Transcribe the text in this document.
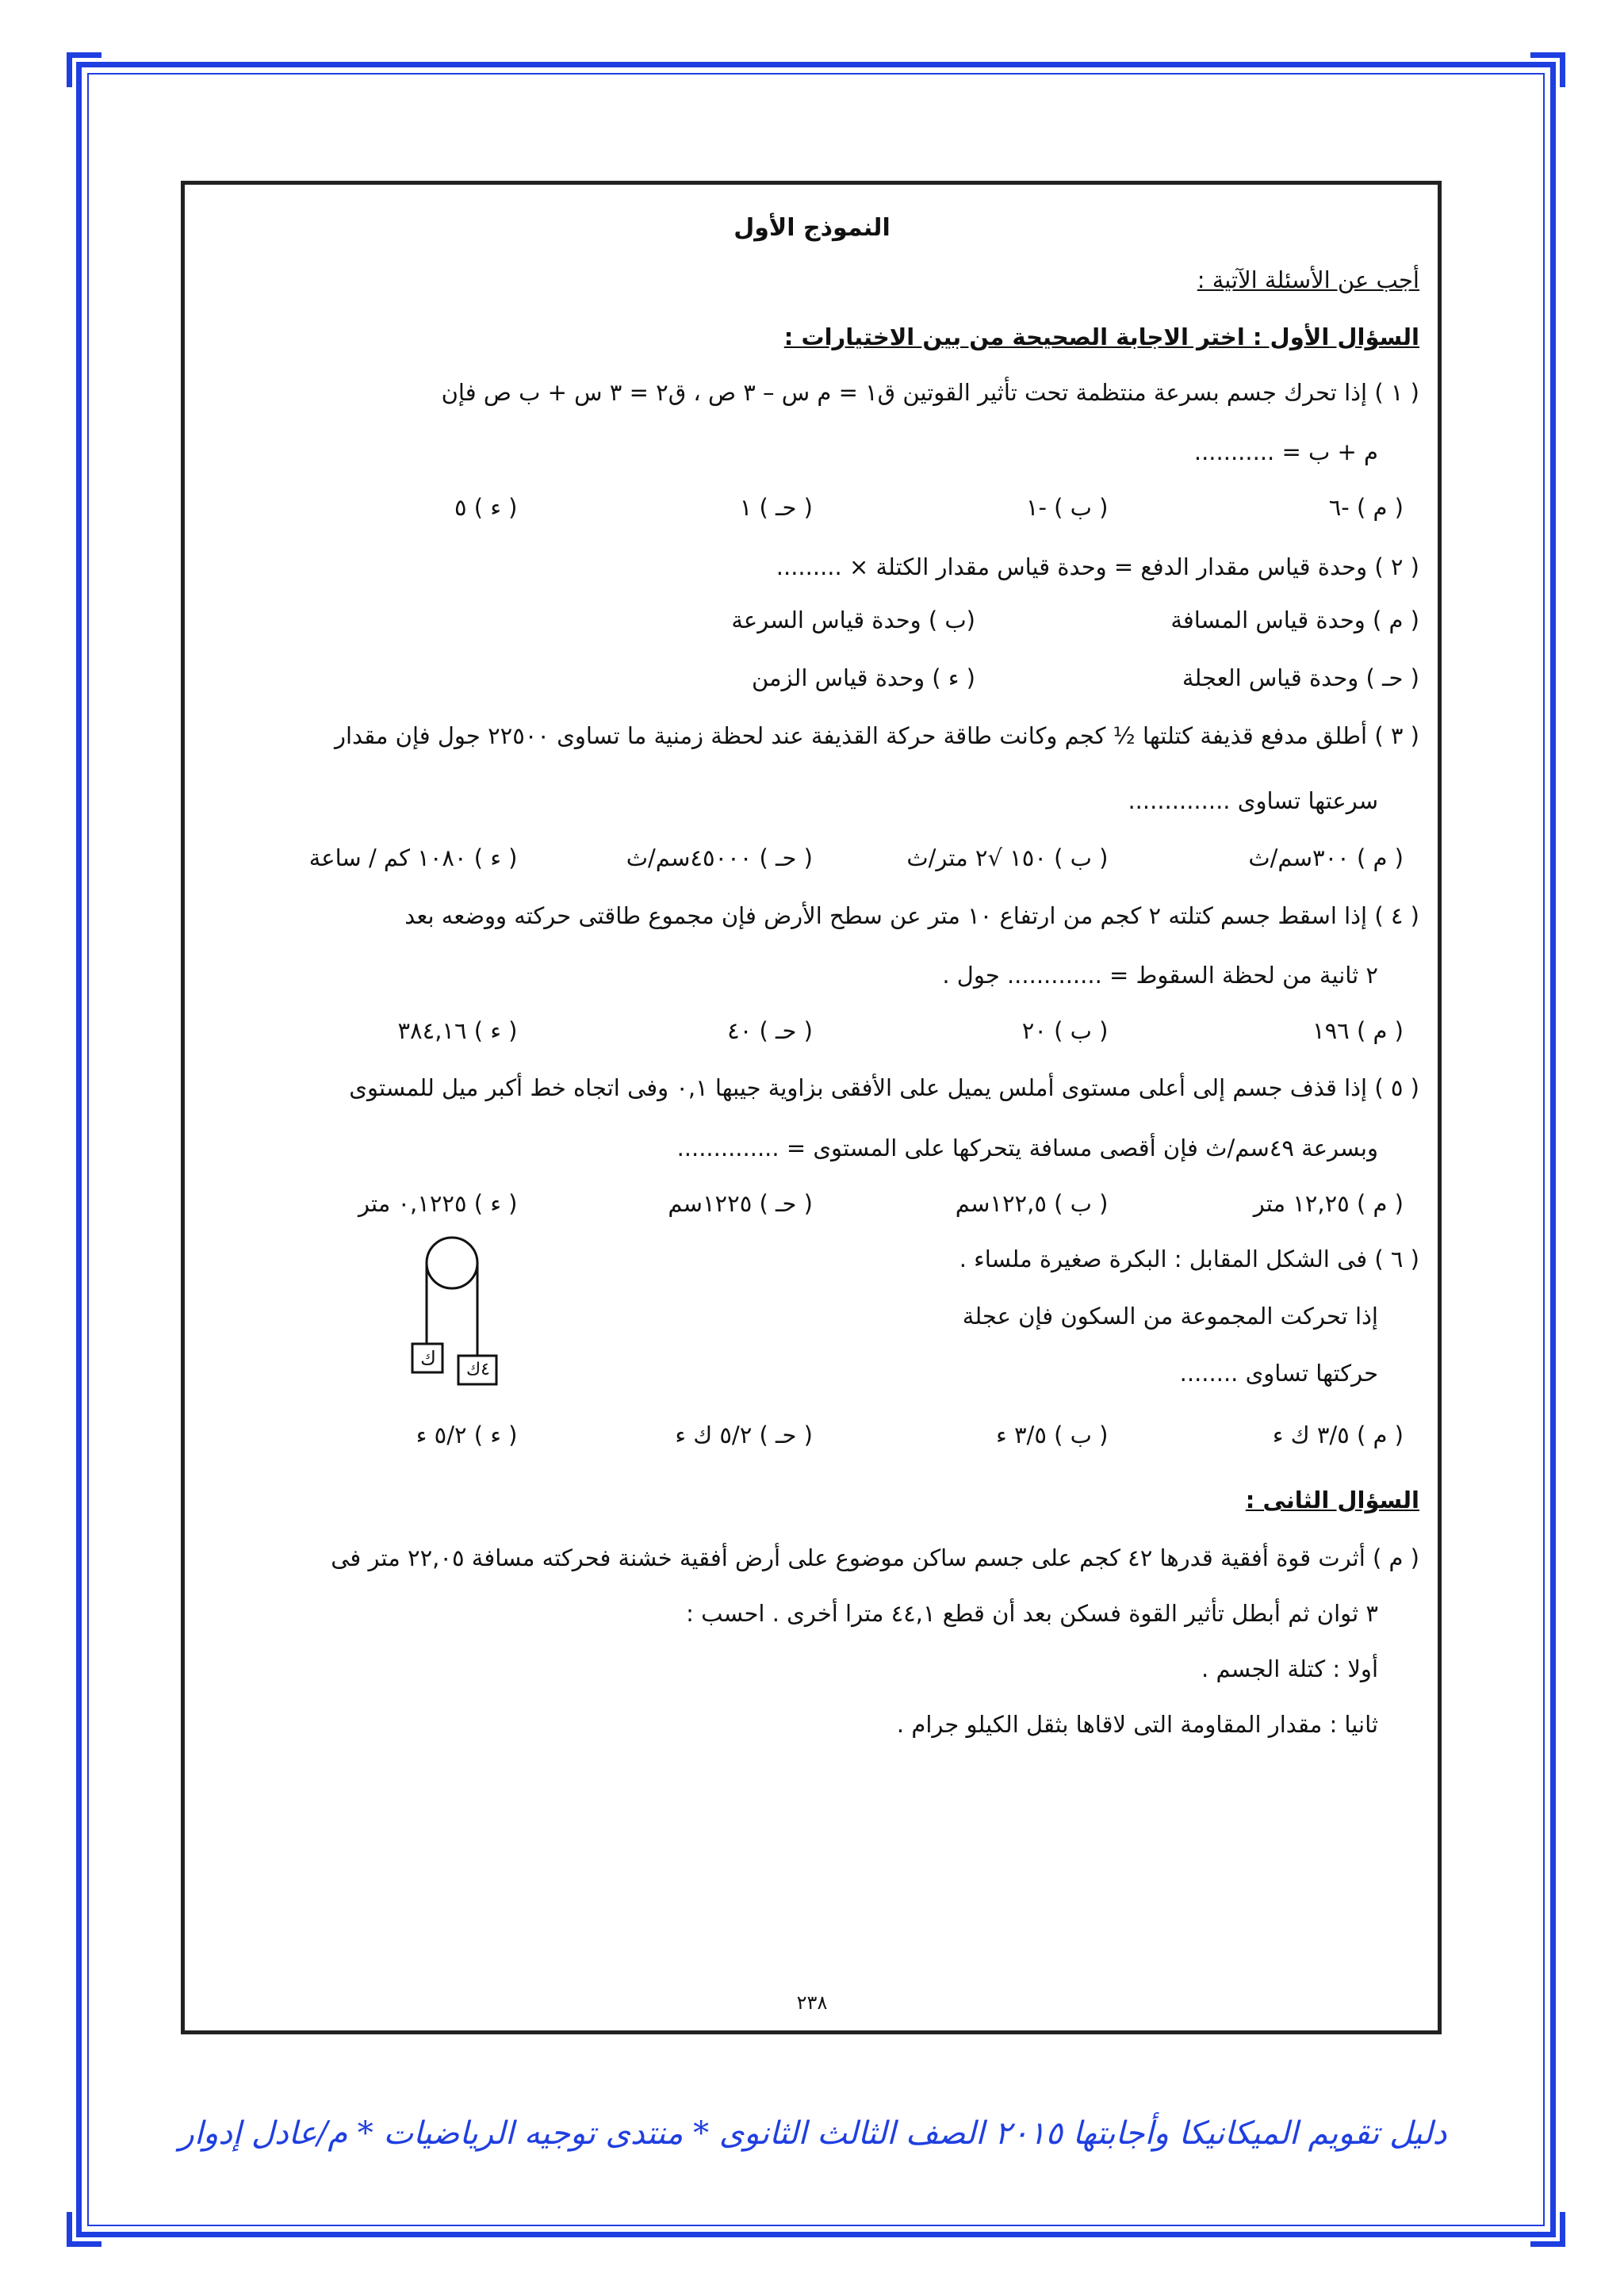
النموذج الأول
أجب عن الأسئلة الآتية :
السؤال الأول : اختر الاجابة الصحيحة من بين الاختيارات :
( ١ ) إذا تحرك جسم بسرعة منتظمة تحت تأثير القوتين ق١ = م س – ٣ ص ، ق٢ = ٣ س + ب ص فإن
م + ب = ...........
( م ) -٦
( ب ) -١
( حـ ) ١
( ء ) ٥
( ٢ ) وحدة قياس مقدار الدفع = وحدة قياس مقدار الكتلة × .........
( م ) وحدة قياس المسافة
(ب ) وحدة قياس السرعة
( حـ ) وحدة قياس العجلة
( ء ) وحدة قياس الزمن
( ٣ ) أطلق مدفع قذيفة كتلتها ½ كجم وكانت طاقة حركة القذيفة عند لحظة زمنية ما تساوى ٢٢٥٠٠ جول فإن مقدار
سرعتها تساوى ..............
( م ) ٣٠٠سم/ث
( ب ) ١٥٠ √٢ متر/ث
( حـ ) ٤٥٠٠٠سم/ث
( ء ) ١٠٨٠ كم / ساعة
( ٤ ) إذا اسقط جسم كتلته ٢ كجم من ارتفاع ١٠ متر عن سطح الأرض فإن مجموع طاقتى حركته ووضعه بعد
٢ ثانية من لحظة السقوط = ............. جول .
( م ) ١٩٦
( ب ) ٢٠
( حـ ) ٤٠
( ء ) ٣٨٤,١٦
( ٥ ) إذا قذف جسم إلى أعلى مستوى أملس يميل على الأفقى بزاوية جيبها ٠,١ وفى اتجاه خط أكبر ميل للمستوى
وبسرعة ٤٩سم/ث فإن أقصى مسافة يتحركها على المستوى = ..............
( م ) ١٢,٢٥ متر
( ب ) ١٢٢,٥سم
( حـ ) ١٢٢٥سم
( ء ) ٠,١٢٢٥ متر
( ٦ ) فى الشكل المقابل : البكرة صغيرة ملساء .
إذا تحركت المجموعة من السكون فإن عجلة
حركتها تساوى ........
ك
٤ك
( م ) ٣/٥ ك ء
( ب ) ٣/٥ ء
( حـ ) ٥/٢ ك ء
( ء ) ٥/٢ ء
السؤال الثانى :
( م ) أثرت قوة أفقية قدرها ٤٢ كجم على جسم ساكن موضوع على أرض أفقية خشنة فحركته مسافة ٢٢,٠٥ متر فى
٣ ثوان ثم أبطل تأثير القوة فسكن بعد أن قطع ٤٤,١ مترا أخرى . احسب :
أولا : كتلة الجسم .
ثانيا : مقدار المقاومة التى لاقاها بثقل الكيلو جرام .
٢٣٨
دليل تقويم الميكانيكا وأجابتها ٢٠١٥ الصف الثالث الثانوى * منتدى توجيه الرياضيات * م/عادل إدوار
